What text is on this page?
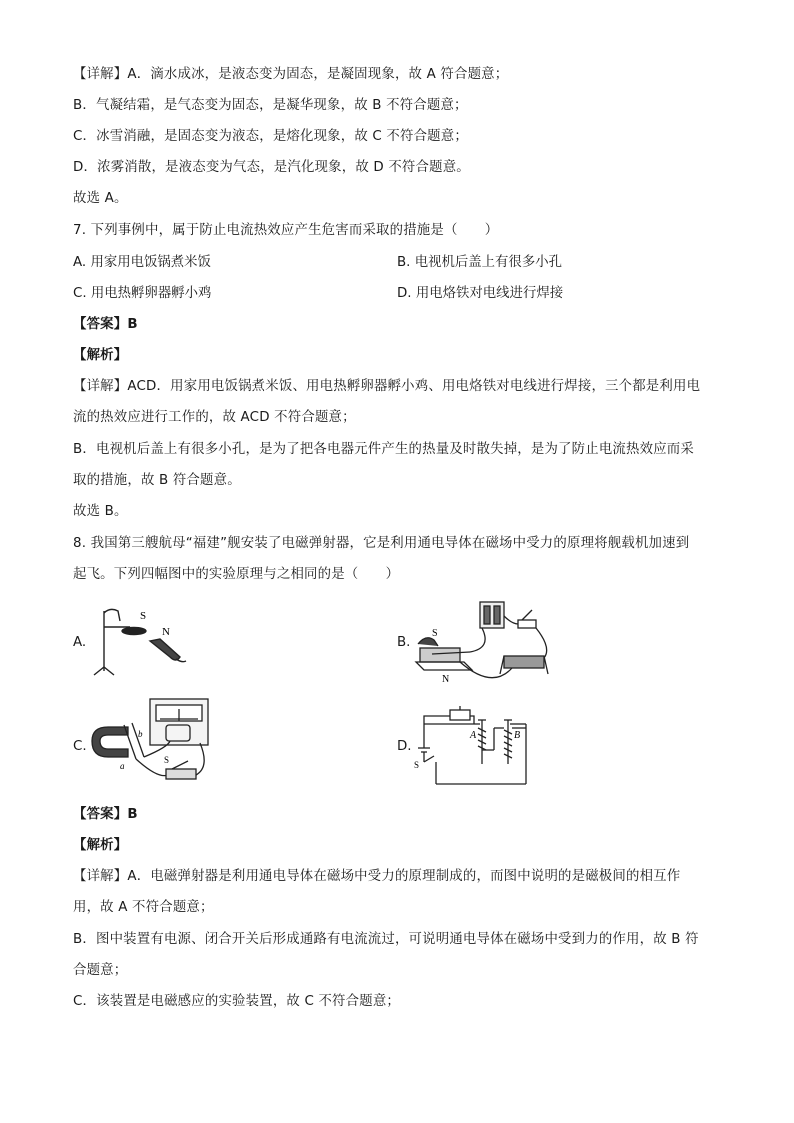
【详解】A．滴水成冰，是液态变为固态，是凝固现象，故 A 符合题意；
B．气凝结霜，是气态变为固态，是凝华现象，故 B 不符合题意；
C．冰雪消融，是固态变为液态，是熔化现象，故 C 不符合题意；
D．浓雾消散，是液态变为气态，是汽化现象，故 D 不符合题意。
故选 A。
7. 下列事例中，属于防止电流热效应产生危害而采取的措施是（　　）
A. 用家用电饭锅煮米饭	B. 电视机后盖上有很多小孔
C. 用电热孵卵器孵小鸡	D. 用电烙铁对电线进行焊接
【答案】B
【解析】
【详解】ACD．用家用电饭锅煮米饭、用电热孵卵器孵小鸡、用电烙铁对电线进行焊接，三个都是利用电
流的热效应进行工作的，故 ACD 不符合题意；
B．电视机后盖上有很多小孔，是为了把各电器元件产生的热量及时散失掉，是为了防止电流热效应而采
取的措施，故 B 符合题意。
故选 B。
8. 我国第三艘航母“福建”舰安装了电磁弹射器，它是利用通电导体在磁场中受力的原理将舰载机加速到
起飞。下列四幅图中的实验原理与之相同的是（　　）
A.
S
N
B.
S
N
C.
a
b
S
D.
A	B
S
【答案】B
【解析】
【详解】A．电磁弹射器是利用通电导体在磁场中受力的原理制成的，而图中说明的是磁极间的相互作
用，故 A 不符合题意；
B．图中装置有电源、闭合开关后形成通路有电流流过，可说明通电导体在磁场中受到力的作用，故 B 符
合题意；
C．该装置是电磁感应的实验装置，故 C 不符合题意；
